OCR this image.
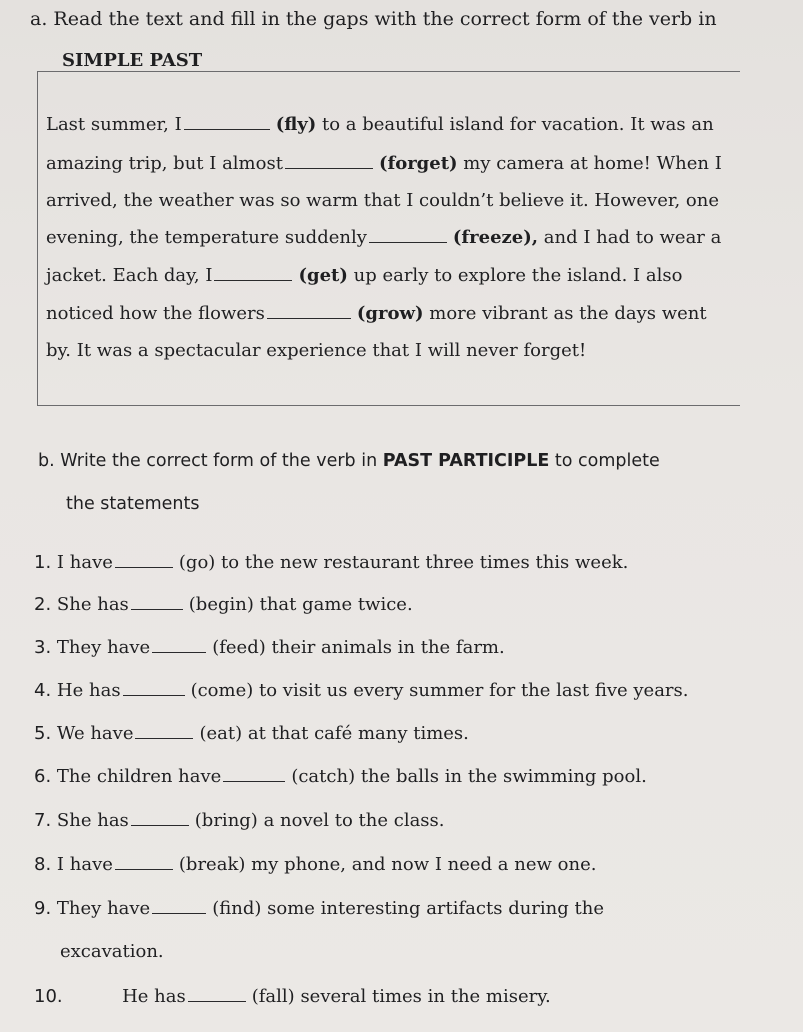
a. Read the text and fill in the gaps with the correct form of the verb in
SIMPLE PAST
Last summer, I	(fly) to a beautiful island for vacation. It was an
amazing trip, but I almost	(forget) my camera at home! When I
arrived, the weather was so warm that I couldn’t believe it. However, one
evening, the temperature suddenly	(freeze), and I had to wear a
jacket. Each day, I	(get) up early to explore the island. I also
noticed how the flowers	(grow) more vibrant as the days went
by. It was a spectacular experience that I will never forget!
b. Write the correct form of the verb in PAST PARTICIPLE to complete
the statements
1. I have	(go) to the new restaurant three times this week.
2. She has	(begin) that game twice.
3. They have	(feed) their animals in the farm.
4. He has	(come) to visit us every summer for the last five years.
5. We have	(eat) at that café many times.
6. The children have	(catch) the balls in the swimming pool.
7. She has	(bring) a novel to the class.
8. I have	(break) my phone, and now I need a new one.
9. They have	(find) some interesting artifacts during the
excavation.
10.	He has	(fall) several times in the misery.
